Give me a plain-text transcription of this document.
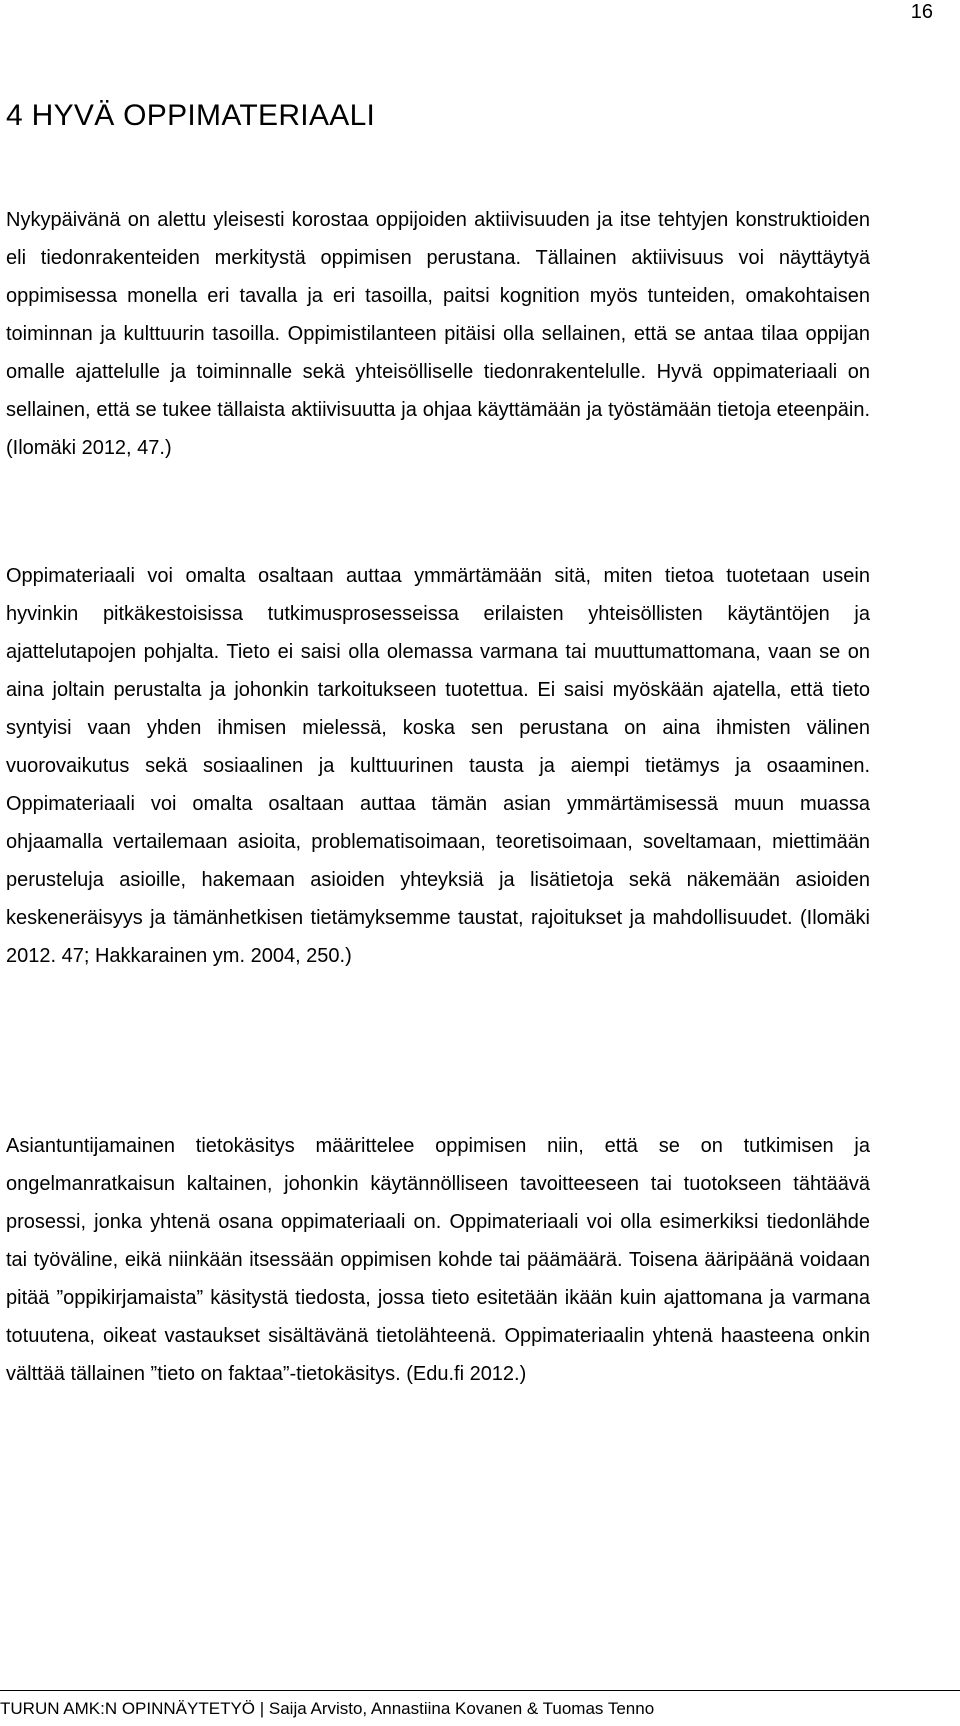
16
4 HYVÄ OPPIMATERIAALI

Nykypäivänä on alettu yleisesti korostaa oppijoiden aktiivisuuden ja itse tehtyjen konstruktioiden eli tiedonrakenteiden merkitystä oppimisen perustana. Tällainen aktiivisuus voi näyttäytyä oppimisessa monella eri tavalla ja eri tasoilla, paitsi kognition myös tunteiden, omakohtaisen toiminnan ja kulttuurin tasoilla. Oppimistilanteen pitäisi olla sellainen, että se antaa tilaa oppijan omalle ajattelulle ja toiminnalle sekä yhteisölliselle tiedonrakentelulle. Hyvä oppimateriaali on sellainen, että se tukee tällaista aktiivisuutta ja ohjaa käyttämään ja työstämään tietoja eteenpäin. (Ilomäki 2012, 47.)

Oppimateriaali voi omalta osaltaan auttaa ymmärtämään sitä, miten tietoa tuotetaan usein hyvinkin pitkäkestoisissa tutkimusprosesseissa erilaisten yhteisöllisten käytäntöjen ja ajattelutapojen pohjalta. Tieto ei saisi olla olemassa varmana tai muuttumattomana, vaan se on aina joltain perustalta ja johonkin tarkoitukseen tuotettua. Ei saisi myöskään ajatella, että tieto syntyisi vaan yhden ihmisen mielessä, koska sen perustana on aina ihmisten välinen vuorovaikutus sekä sosiaalinen ja kulttuurinen tausta ja aiempi tietämys ja osaaminen. Oppimateriaali voi omalta osaltaan auttaa tämän asian ymmärtämisessä muun muassa ohjaamalla vertailemaan asioita, problematisoimaan, teoretisoimaan, soveltamaan, miettimään perusteluja asioille, hakemaan asioiden yhteyksiä ja lisätietoja sekä näkemään asioiden keskeneräisyys ja tämänhetkisen tietämyksemme taustat, rajoitukset ja mahdollisuudet. (Ilomäki 2012. 47; Hakkarainen ym. 2004, 250.)

Asiantuntijamainen tietokäsitys määrittelee oppimisen niin, että se on tutkimisen ja ongelmanratkaisun kaltainen, johonkin käytännölliseen tavoitteeseen tai tuotokseen tähtäävä prosessi, jonka yhtenä osana oppimateriaali on. Oppimateriaali voi olla esimerkiksi tiedonlähde tai työväline, eikä niinkään itsessään oppimisen kohde tai päämäärä. Toisena ääripäänä voidaan pitää ”oppikirjamaista” käsitystä tiedosta, jossa tieto esitetään ikään kuin ajattomana ja varmana totuutena, oikeat vastaukset sisältävänä tietolähteenä. Oppimateriaalin yhtenä haasteena onkin välttää tällainen ”tieto on faktaa”-tietokäsitys. (Edu.fi 2012.)

TURUN AMK:N OPINNÄYTETYÖ | Saija Arvisto, Annastiina Kovanen & Tuomas Tenno
